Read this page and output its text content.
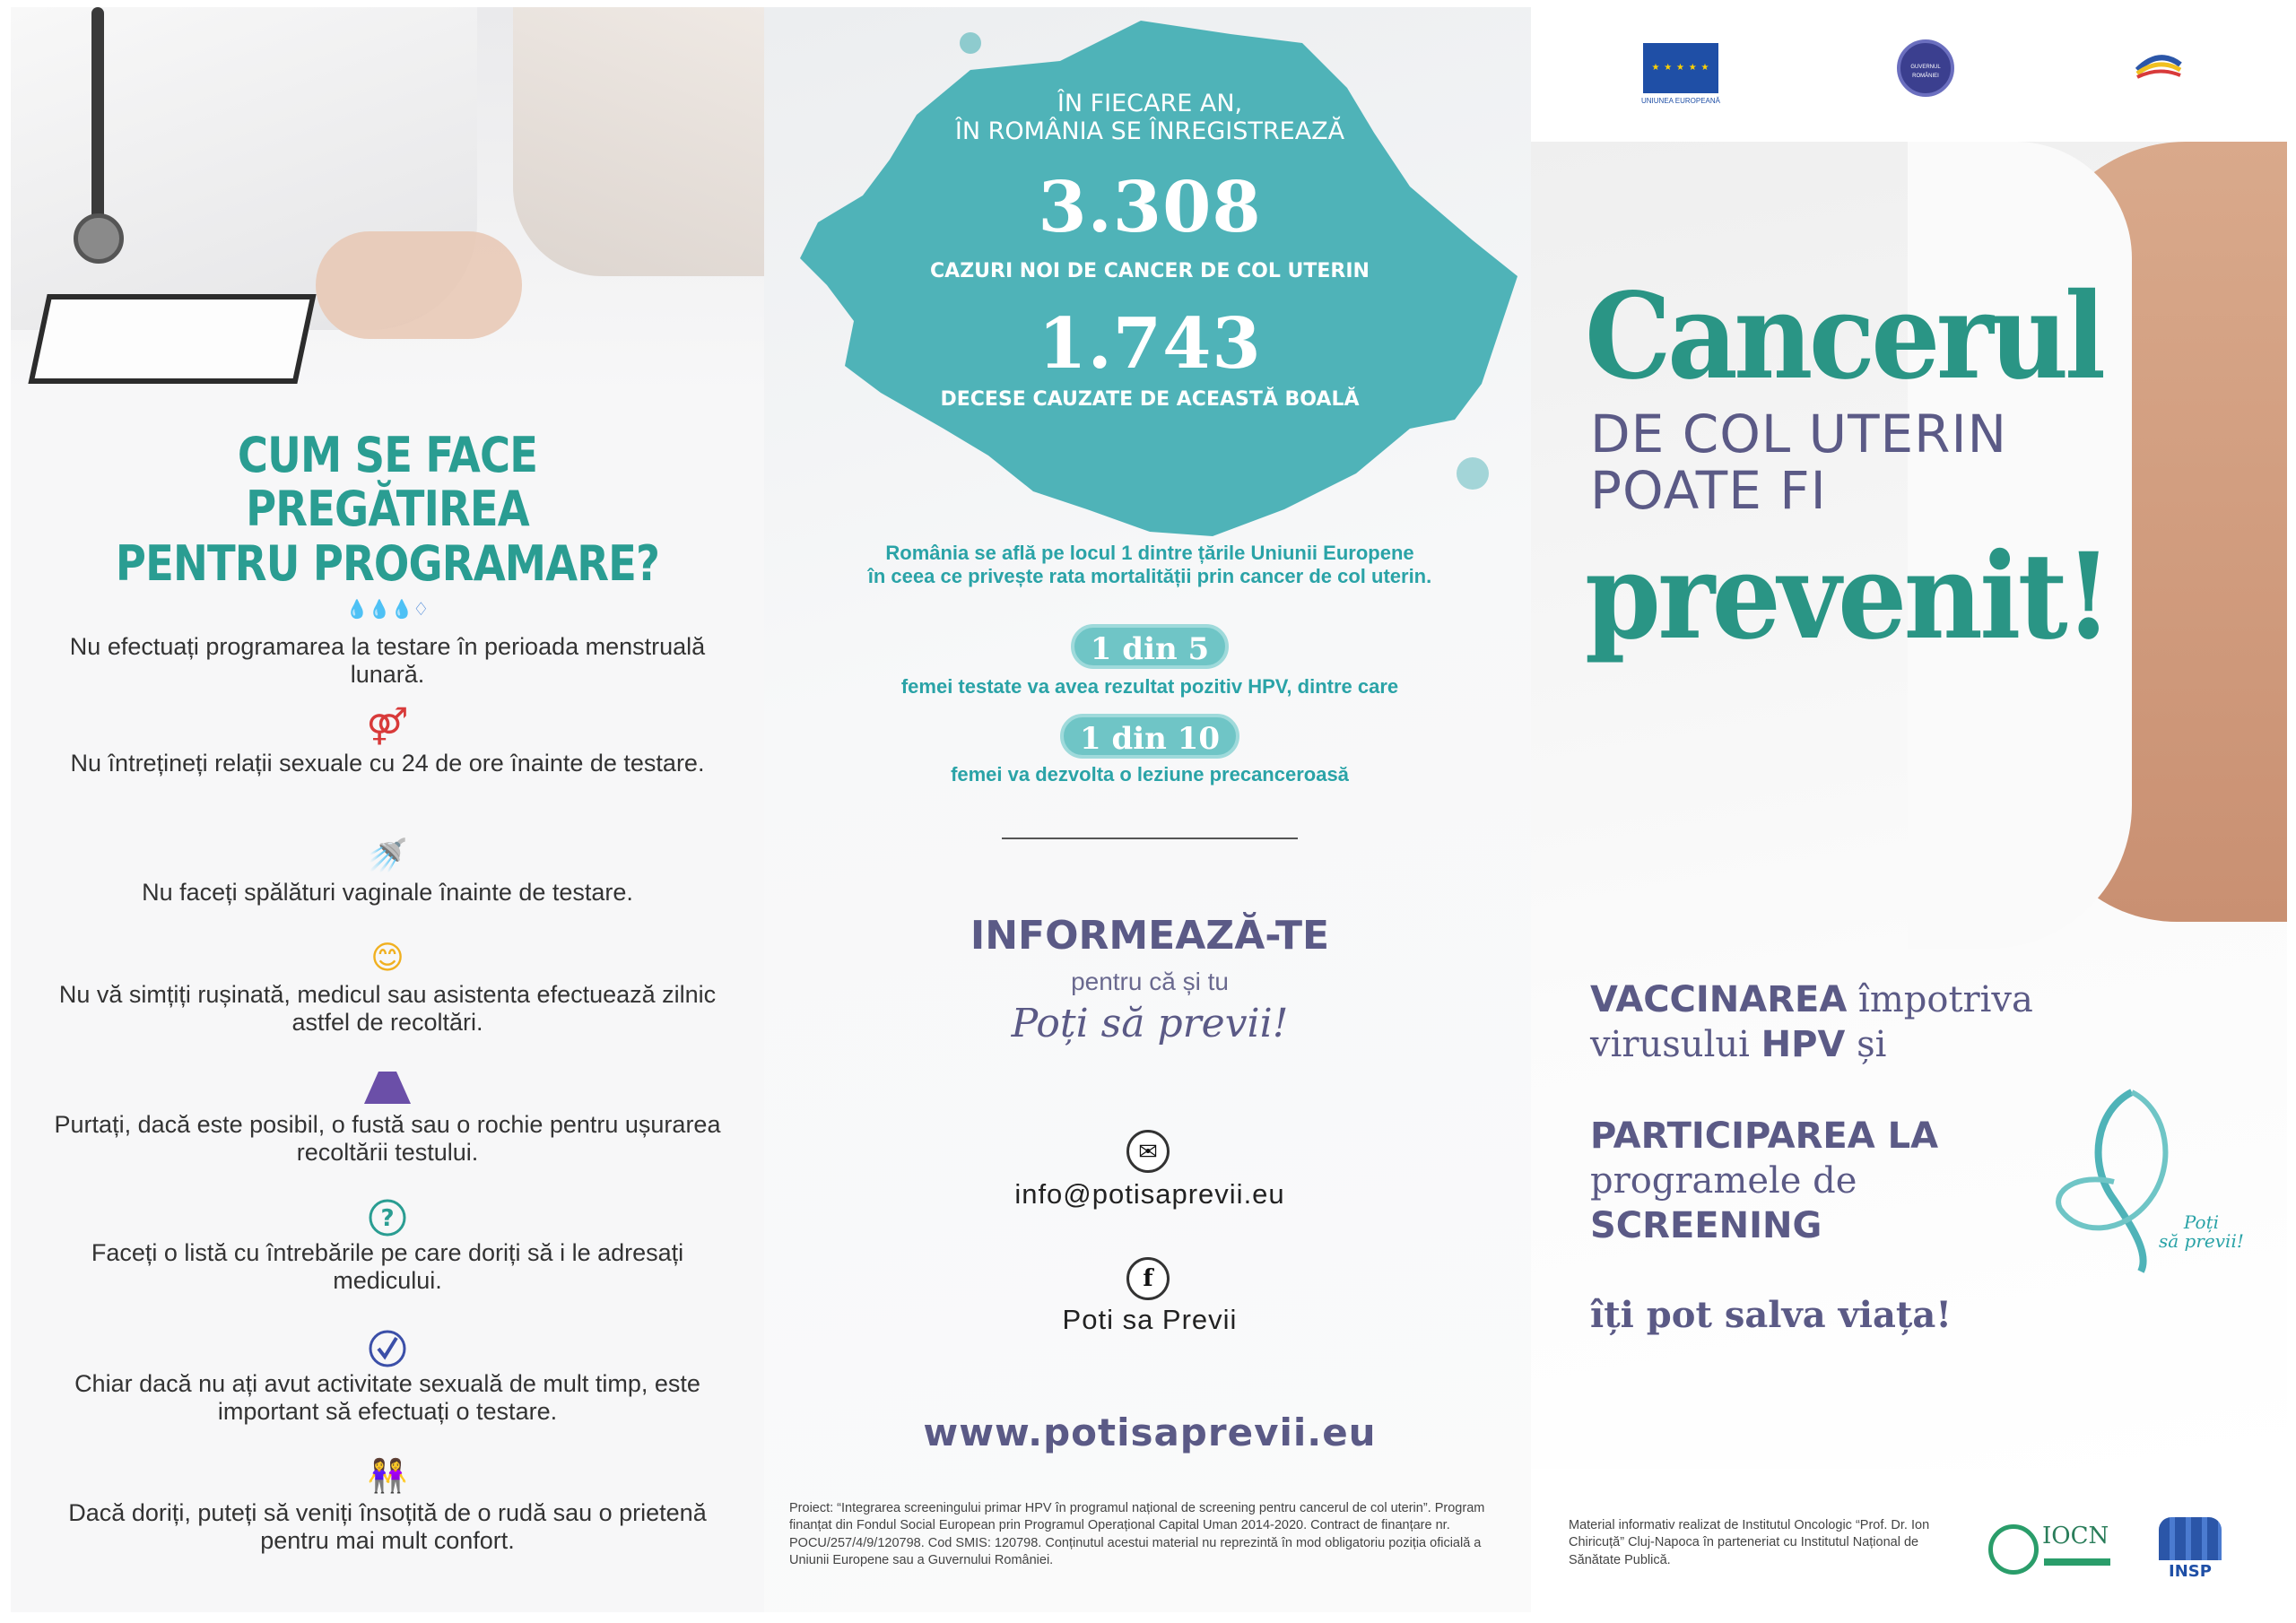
CUM SE FACE PREGĂTIREA
PENTRU PROGRAMARE?
💧💧💧♢
Nu efectuați programarea la testare în perioada menstruală lunară.
⚤
Nu întrețineți relații sexuale cu 24 de ore înainte de testare.
🚿
Nu faceți spălături vaginale înainte de testare.
😊
Nu vă simțiți rușinată, medicul sau asistenta efectuează zilnic astfel de recoltări.
Purtați, dacă este posibil, o fustă sau o rochie pentru ușurarea recoltării testului.
?
Faceți o listă cu întrebările pe care doriți să i le adresați medicului.
Chiar dacă nu ați avut activitate sexuală de mult timp, este important să efectuați o testare.
👭
Dacă doriți, puteți să veniți însoțită de o rudă sau o prietenă pentru mai mult confort.
ÎN FIECARE AN,
ÎN ROMÂNIA SE ÎNREGISTREAZĂ
3.308
CAZURI NOI DE CANCER DE COL UTERIN
1.743
DECESE CAUZATE DE ACEASTĂ BOALĂ
România se află pe locul 1 dintre țările Uniunii Europene
în ceea ce privește rata mortalității prin cancer de col uterin.
1 din 5
femei testate va avea rezultat pozitiv HPV, dintre care
1 din 10
femei va dezvolta o leziune precanceroasă
INFORMEAZĂ-TE
pentru că și tu
Poți să previi!
✉
info@potisaprevii.eu
f
Poti sa Previi
www.potisaprevii.eu
Proiect: “Integrarea screeningului primar HPV în programul național de screening pentru cancerul de col uterin”. Program finanțat din Fondul Social European prin Programul Operațional Capital Uman 2014-2020. Contract de finanțare nr. POCU/257/4/9/120798. Cod SMIS: 120798. Conținutul acestui material nu reprezintă în mod obligatoriu poziția oficială a Uniunii Europene sau a Guvernului României.
★ ★ ★ ★ ★
UNIUNEA EUROPEANĂ
GUVERNUL ROMÂNIEI
Cancerul
DE COL UTERIN
POATE FI
prevenit!
VACCINAREA împotriva
virusului HPV și
PARTICIPAREA LA
programele de
SCREENING
îți pot salva viața!
Poți
să previi!
Material informativ realizat de Institutul Oncologic “Prof. Dr. Ion Chiricuță” Cluj-Napoca în parteneriat cu Institutul Național de Sănătate Publică.
IOCN
INSP
